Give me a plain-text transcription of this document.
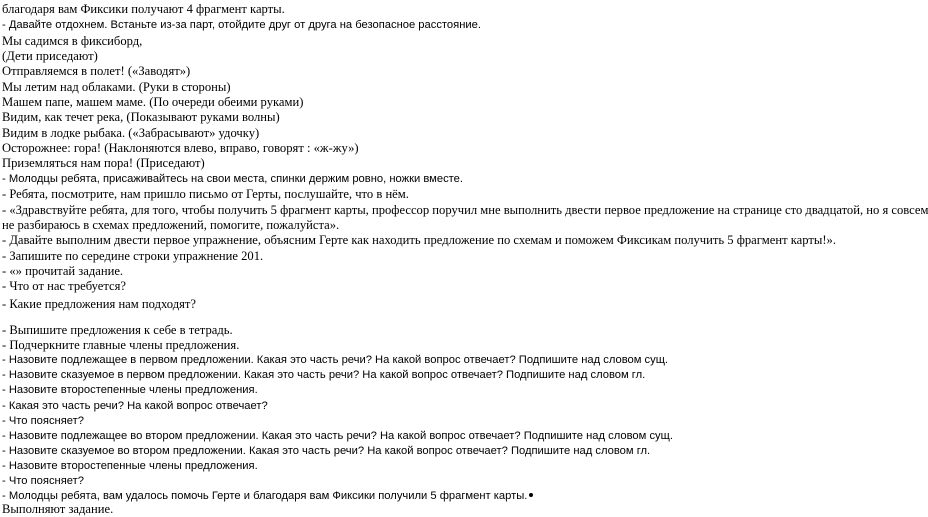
благодаря вам Фиксики получают 4 фрагмент карты.
- Давайте отдохнем. Встаньте из-за парт, отойдите друг от друга на безопасное расстояние.
Мы садимся в фиксиборд,
(Дети приседают)
Отправляемся в полет! («Заводят»)
Мы летим над облаками. (Руки в стороны)
Машем папе, машем маме. (По очереди обеими руками)
Видим, как течет река, (Показывают руками волны)
Видим в лодке рыбака. («Забрасывают» удочку)
Осторожнее: гора! (Наклоняются влево, вправо, говорят : «ж-жу»)
Приземляться нам пора! (Приседают)
- Молодцы ребята, присаживайтесь на свои места, спинки держим ровно, ножки вместе.
- Ребята, посмотрите, нам пришло письмо от Герты, послушайте, что в нём.
- «Здравствуйте ребята, для того, чтобы получить 5 фрагмент карты, профессор поручил мне выполнить двести первое предложение на странице сто двадцатой, но я совсем
не разбираюсь в схемах предложений, помогите, пожалуйста».
- Давайте выполним двести первое упражнение, объясним Герте как находить предложение по схемам и поможем Фиксикам получить 5 фрагмент карты!».
- Запишите по середине строки упражнение 201.
- «» прочитай задание.
- Что от нас требуется?
- Какие предложения нам подходят?
- Выпишите предложения к себе в тетрадь.
- Подчеркните главные члены предложения.
- Назовите подлежащее в первом предложении. Какая это часть речи? На какой вопрос отвечает? Подпишите над словом сущ.
- Назовите сказуемое в первом предложении. Какая это часть речи? На какой вопрос отвечает? Подпишите над словом гл.
- Назовите второстепенные члены предложения.
- Какая это часть речи? На какой вопрос отвечает?
- Что поясняет?
- Назовите подлежащее во втором предложении. Какая это часть речи? На какой вопрос отвечает? Подпишите над словом сущ.
- Назовите сказуемое во втором предложении. Какая это часть речи? На какой вопрос отвечает? Подпишите над словом гл.
- Назовите второстепенные члены предложения.
- Что поясняет?
- Молодцы ребята, вам удалось помочь Герте и благодаря вам Фиксики получили 5 фрагмент карты.
Выполняют задание.
